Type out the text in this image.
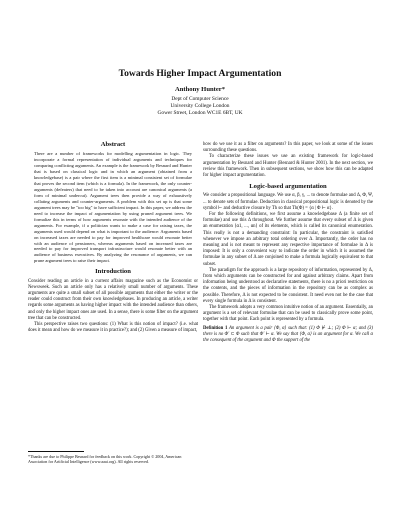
Towards Higher Impact Argumentation
Anthony Hunter*
Dept of Computer Science
University College London
Gower Street, London WC1E 6BT, UK
Abstract

There are a number of frameworks for modelling argumentation in logic. They incorporate a formal representation of individual arguments and techniques for comparing conflicting arguments. An example is the framework by Besnard and Hunter that is based on classical logic and in which an argument (obtained from a knowledgebase) is a pair where the first item is a minimal consistent set of formulae that proves the second item (which is a formula). In the framework, the only counter-arguments (defeaters) that need to be taken into account are canonical arguments (a form of minimal undercut). Argument trees then provide a way of exhaustively collating arguments and counter-arguments. A problem with this set up is that some argument trees may be "too big" to have sufficient impact. In this paper, we address the need to increase the impact of argumentation by using pruned argument trees. We formalize this in terms of how arguments resonate with the intended audience of the arguments. For example, if a politician wants to make a case for raising taxes, the arguments used would depend on what is important to the audience: Arguments based on increased taxes are needed to pay for improved healthcare would resonate better with an audience of pensioners, whereas arguments based on increased taxes are needed to pay for improved transport infrastructure would resonate better with an audience of business executives. By analyzing the resonance of arguments, we can prune argument trees to raise their impact.

Introduction

Consider reading an article in a current affairs magazine such as the Economist or Newsweek. Such an article only has a relatively small number of arguments. These arguments are quite a small subset of all possible arguments that either the writer or the reader could construct from their own knowledgebases. In producing an article, a writer regards some arguments as having higher impact with the intended audience than others, and only the higher impact ones are used. In a sense, there is some filter on the argument tree that can be constructed.

This perspective raises two questions: (1) What is this notion of impact? (i.e. what does it mean and how do we measure it in practice?); and (2) Given a measure of impact,

*Thanks are due to Philippe Besnard for feedback on this work. Copyright © 2004, American Association for Artificial Intelligence (www.aaai.org). All rights reserved.

how do we use it as a filter on arguments? In this paper, we look at some of the issues surrounding these questions.

To characterize these issues we use an existing framework for logic-based argumentation by Besnard and Hunter (Besnard & Hunter 2001). In the next section, we review this framework. Then in subsequent sections, we show how this can be adapted for higher impact argumentation.

Logic-based argumentation

We consider a propositional language. We use α, β, γ, ... to denote formulae and Δ, Φ, Ψ, ... to denote sets of formulae. Deduction in classical propositional logic is denoted by the symbol ⊢ and deductive closure by Th so that Th(Φ) = {α | Φ ⊢ α}.

For the following definitions, we first assume a knowledgebase Δ (a finite set of formulae) and use this Δ throughout. We further assume that every subset of Δ is given an enumeration ⟨α1, ..., αn⟩ of its elements, which is called its canonical enumeration. This really is not a demanding constraint: In particular, the constraint is satisfied whenever we impose an arbitrary total ordering over Δ. Importantly, the order has no meaning and is not meant to represent any respective importance of formulae in Δ is imposed: It is only a convenient way to indicate the order in which it is assumed the formulae in any subset of Δ are conjoined to make a formula logically equivalent to that subset.

The paradigm for the approach is a large repository of information, represented by Δ, from which arguments can be constructed for and against arbitrary claims. Apart from information being understood as declarative statements, there is no a priori restriction on the contents, and the pieces of information in the repository can be as complex as possible. Therefore, Δ is not expected to be consistent. It need even not be the case that every single formula in Δ is consistent.

The framework adopts a very common intuitive notion of an argument. Essentially, an argument is a set of relevant formulae that can be used to classically prove some point, together with that point. Each point is represented by a formula.

Definition 1 An argument is a pair ⟨Φ, α⟩ such that: (1) Φ ⊬ ⊥; (2) Φ ⊢ α; and (3) there is no Φ′ ⊂ Φ such that Φ′ ⊢ α. We say that ⟨Φ, α⟩ is an argument for α. We call α the consequent of the argument and Φ the support of the
